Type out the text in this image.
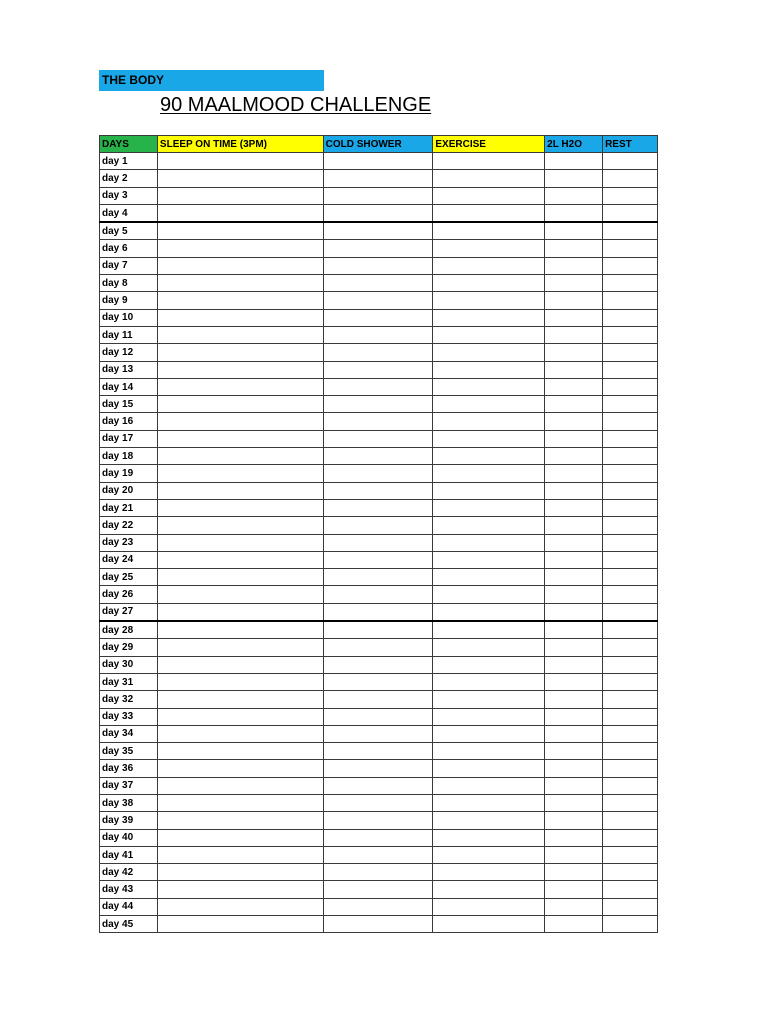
THE BODY
90 MAALMOOD CHALLENGE
DAYS	SLEEP ON TIME (3PM)	COLD SHOWER	EXERCISE	2L H2O	REST
day 1					
day 2					
day 3					
day 4					
day 5					
day 6					
day 7					
day 8					
day 9					
day 10					
day 11					
day 12					
day 13					
day 14					
day 15					
day 16					
day 17					
day 18					
day 19					
day 20					
day 21					
day 22					
day 23					
day 24					
day 25					
day 26					
day 27					
day 28					
day 29					
day 30					
day 31					
day 32					
day 33					
day 34					
day 35					
day 36					
day 37					
day 38					
day 39					
day 40					
day 41					
day 42					
day 43					
day 44					
day 45					
